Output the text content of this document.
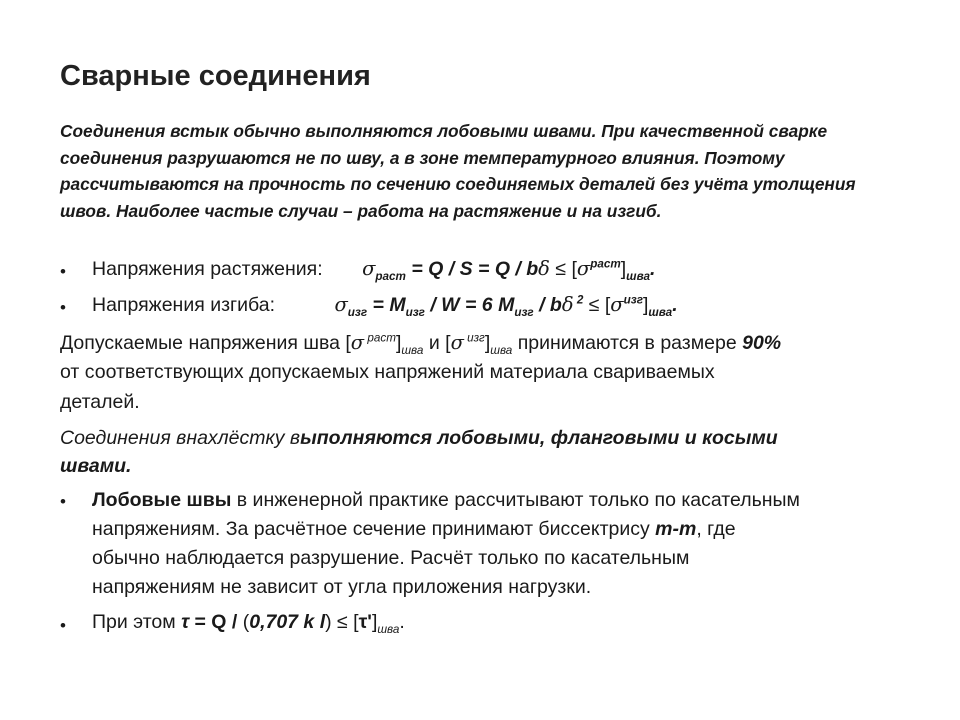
Сварные соединения

Соединения встык обычно выполняются лобовыми швами. При качественной сварке соединения разрушаются не по шву, а в зоне температурного влияния. Поэтому рассчитываются на прочность по сечению соединяемых деталей без учёта утолщения швов. Наиболее частые случаи – работа на растяжение и на изгиб.

• Напряжения растяжения: $\sigma_{раст} = Q / S = Q / b\delta \le [\sigma^{раст}]_{шва}$.
• Напряжения изгиба:	$\sigma_{изг} = M_{изг} / W = 6$ $M_{изг}$ / bδ $^2 \le [\sigma^{изг}]_{шва}$.
Допускаемые напряжения шва [σ $^{раст}]_{шва}$ и [σ $^{изг}]_{шва}$ принимаются в размере 90%
от соответствующих допускаемых напряжений материала свариваемых
деталей.
Соединения внахлёстку выполняются лобовыми, фланговыми и косыми
швами.
• Лобовые швы в инженерной практике рассчитывают только по касательным
напряжениям. За расчётное сечение принимают биссектрису m-m, где
обычно наблюдается разрушение. Расчёт только по касательным
напряжениям не зависит от угла приложения нагрузки.
• При этом τ = Q / (0,707 k $l) \le [\tau']_{шва}$.
